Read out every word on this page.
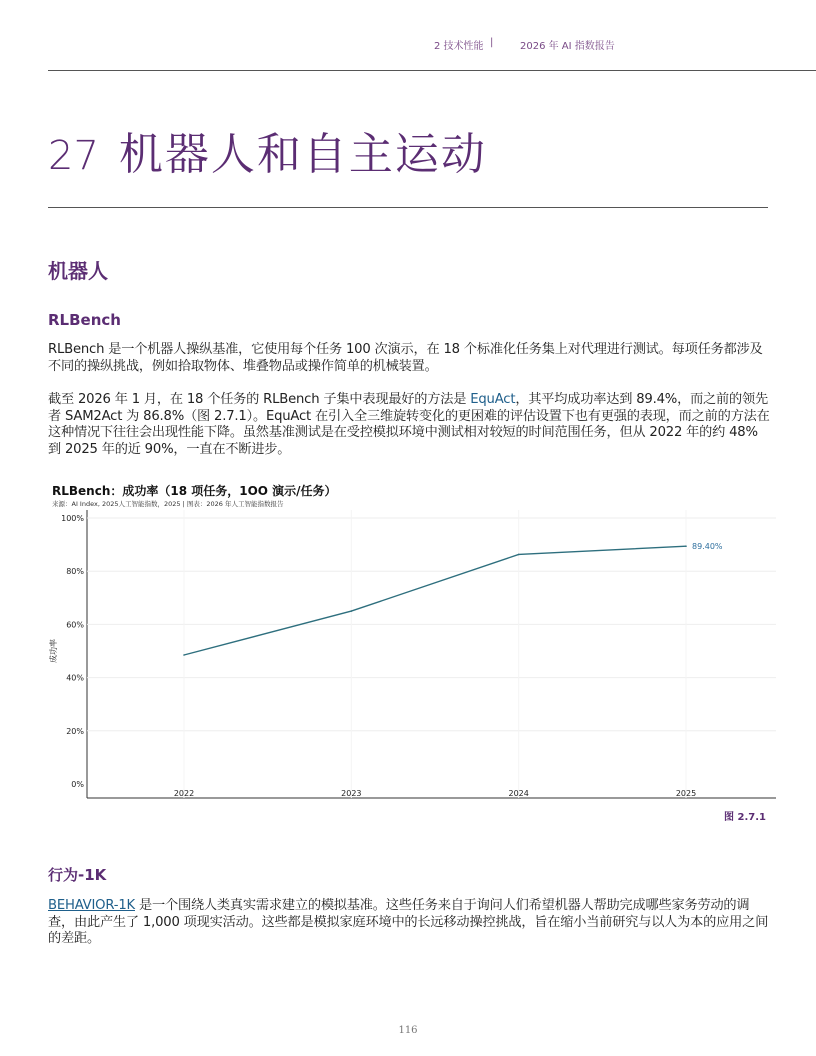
2 技术性能 |	2026 年 AI 指数报告
27 机器人和自主运动
机器人
RLBench
RLBench 是一个机器人操纵基准，它使用每个任务 100 次演示，在 18 个标准化任务集上对代理进行测试。每项任务都涉及不同的操纵挑战，例如拾取物体、堆叠物品或操作简单的机械装置。
截至 2026 年 1 月，在 18 个任务的 RLBench 子集中表现最好的方法是 EquAct，其平均成功率达到 89.4%，而之前的领先者 SAM2Act 为 86.8%（图 2.7.1）。EquAct 在引入全三维旋转变化的更困难的评估设置下也有更强的表现，而之前的方法在这种情况下往往会出现性能下降。虽然基准测试是在受控模拟环境中测试相对较短的时间范围任务，但从 2022 年的约 48% 到 2025 年的近 90%，一直在不断进步。
RLBench：成功率（18 项任务，1OO 演示/任务）
来源：AI Index, 2025人工智能指数，2025 | 图表：2026 年人工智能指数报告
0%
20%
40%
60%
80%
100%
2022	2023	2024	2025
成功率
89.40%
图 2.7.1
行为-1K
BEHAVIOR-1K 是一个围绕人类真实需求建立的模拟基准。这些任务来自于询问人们希望机器人帮助完成哪些家务劳动的调查，由此产生了 1,000 项现实活动。这些都是模拟家庭环境中的长远移动操控挑战，旨在缩小当前研究与以人为本的应用之间的差距。
116
